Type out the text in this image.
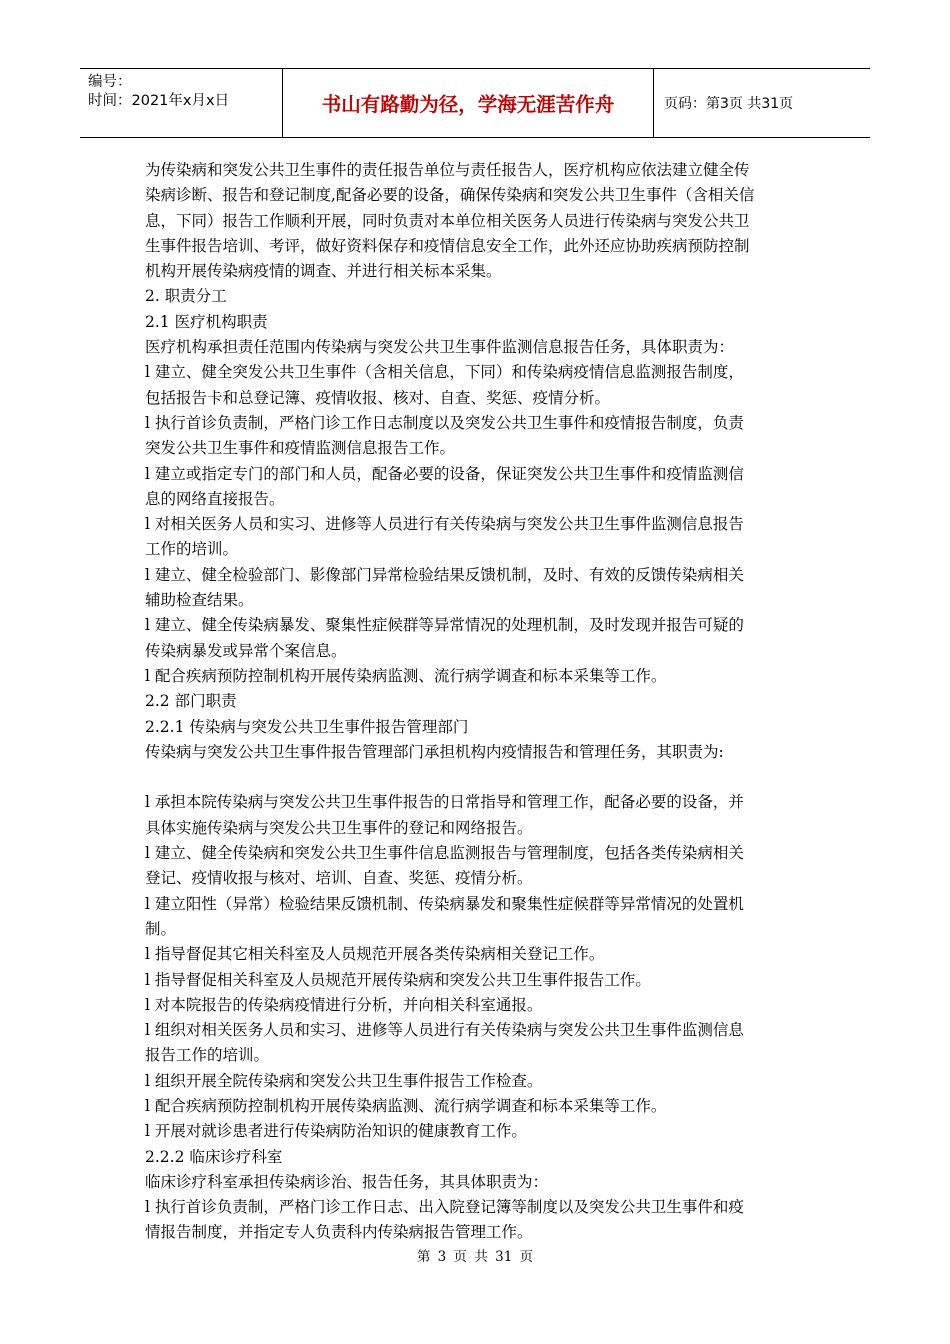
编号：
时间：2021年x月x日	书山有路勤为径，学海无涯苦作舟	页码：第3页 共31页
为传染病和突发公共卫生事件的责任报告单位与责任报告人，医疗机构应依法建立健全传
染病诊断、报告和登记制度,配备必要的设备，确保传染病和突发公共卫生事件（含相关信
息，下同）报告工作顺利开展，同时负责对本单位相关医务人员进行传染病与突发公共卫
生事件报告培训、考评，做好资料保存和疫情信息安全工作，此外还应协助疾病预防控制
机构开展传染病疫情的调查、并进行相关标本采集。
2. 职责分工
2.1 医疗机构职责
医疗机构承担责任范围内传染病与突发公共卫生事件监测信息报告任务，具体职责为：
l 建立、健全突发公共卫生事件（含相关信息，下同）和传染病疫情信息监测报告制度，
包括报告卡和总登记簿、疫情收报、核对、自查、奖惩、疫情分析。
l 执行首诊负责制，严格门诊工作日志制度以及突发公共卫生事件和疫情报告制度，负责
突发公共卫生事件和疫情监测信息报告工作。
l 建立或指定专门的部门和人员，配备必要的设备，保证突发公共卫生事件和疫情监测信
息的网络直接报告。
l 对相关医务人员和实习、进修等人员进行有关传染病与突发公共卫生事件监测信息报告
工作的培训。
l 建立、健全检验部门、影像部门异常检验结果反馈机制，及时、有效的反馈传染病相关
辅助检查结果。
l 建立、健全传染病暴发、聚集性症候群等异常情况的处理机制，及时发现并报告可疑的
传染病暴发或异常个案信息。
l 配合疾病预防控制机构开展传染病监测、流行病学调查和标本采集等工作。
2.2 部门职责
2.2.1 传染病与突发公共卫生事件报告管理部门
传染病与突发公共卫生事件报告管理部门承担机构内疫情报告和管理任务，其职责为:
l 承担本院传染病与突发公共卫生事件报告的日常指导和管理工作，配备必要的设备，并
具体实施传染病与突发公共卫生事件的登记和网络报告。
l 建立、健全传染病和突发公共卫生事件信息监测报告与管理制度，包括各类传染病相关
登记、疫情收报与核对、培训、自查、奖惩、疫情分析。
l 建立阳性（异常）检验结果反馈机制、传染病暴发和聚集性症候群等异常情况的处置机
制。
l 指导督促其它相关科室及人员规范开展各类传染病相关登记工作。
l 指导督促相关科室及人员规范开展传染病和突发公共卫生事件报告工作。
l 对本院报告的传染病疫情进行分析，并向相关科室通报。
l 组织对相关医务人员和实习、进修等人员进行有关传染病与突发公共卫生事件监测信息
报告工作的培训。
l 组织开展全院传染病和突发公共卫生事件报告工作检查。
l 配合疾病预防控制机构开展传染病监测、流行病学调查和标本采集等工作。
l 开展对就诊患者进行传染病防治知识的健康教育工作。
2.2.2 临床诊疗科室
临床诊疗科室承担传染病诊治、报告任务，其具体职责为：
l 执行首诊负责制，严格门诊工作日志、出入院登记簿等制度以及突发公共卫生事件和疫
情报告制度，并指定专人负责科内传染病报告管理工作。
第 3 页 共 31 页
